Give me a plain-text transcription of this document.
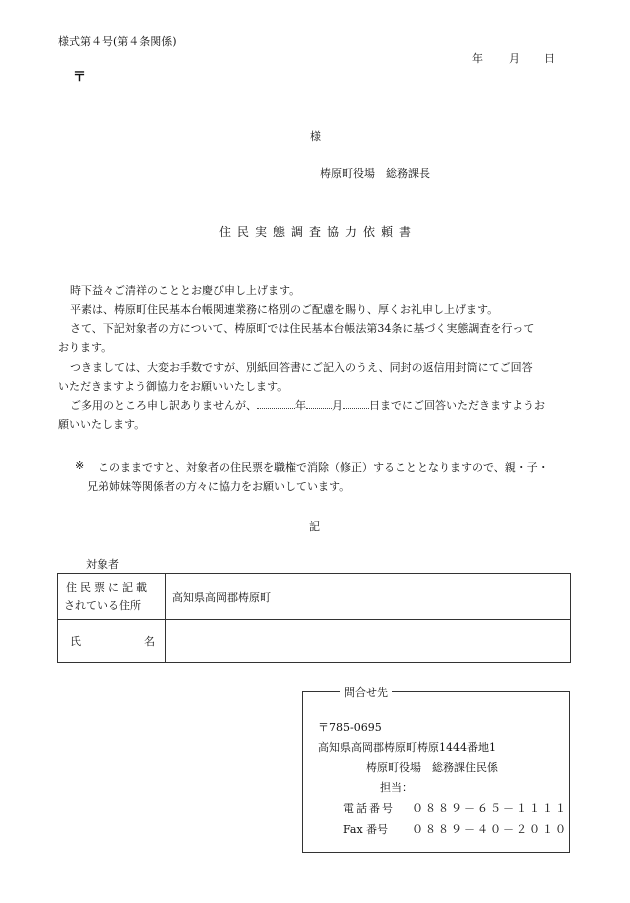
様式第４号(第４条関係)
年 月 日
〒
様
梼原町役場　総務課長
住民実態調査協力依頼書
時下益々ご清祥のこととお慶び申し上げます。
平素は、梼原町住民基本台帳関連業務に格別のご配慮を賜り、厚くお礼申し上げます。
さて、下記対象者の方について、梼原町では住民基本台帳法第34条に基づく実態調査を行って
おります。
つきましては、大変お手数ですが、別紙回答書にご記入のうえ、同封の返信用封筒にてご回答
いただきますよう御協力をお願いいたします。
ご多用のところ申し訳ありませんが、	年 月 日までにご回答いただきますようお
願いいたします。
※ このままですと、対象者の住民票を職権で消除（修正）することとなりますので、親・子・
兄弟姉妹等関係者の方々に協力をお願いしています。
記
対象者
住民票に記載
されている住所	高知県高岡郡梼原町

氏 名	

問合せ先
〒785-0695
高知県高岡郡梼原町梼原1444番地1
梼原町役場　総務課住民係
担当：
電話番号 ０８８９－６５－１１１１
Fax 番号 ０８８９－４０－２０１０
